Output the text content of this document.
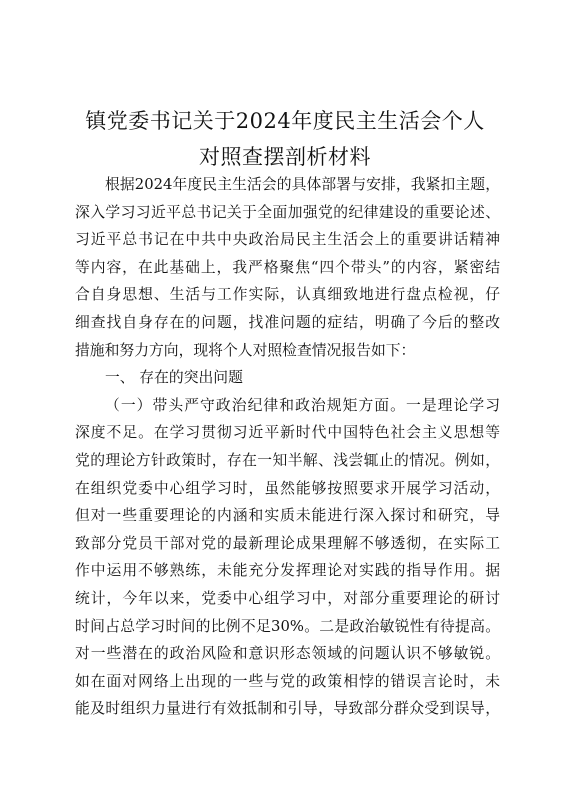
镇党委书记关于2024年度民主生活会个人
对照查摆剖析材料
根据2024年度民主生活会的具体部署与安排，我紧扣主题，
深入学习习近平总书记关于全面加强党的纪律建设的重要论述、
习近平总书记在中共中央政治局民主生活会上的重要讲话精神
等内容，在此基础上，我严格聚焦“四个带头”的内容，紧密结
合自身思想、生活与工作实际，认真细致地进行盘点检视，仔
细查找自身存在的问题，找准问题的症结，明确了今后的整改
措施和努力方向，现将个人对照检查情况报告如下：
一、 存在的突出问题
（一）带头严守政治纪律和政治规矩方面。一是理论学习
深度不足。在学习贯彻习近平新时代中国特色社会主义思想等
党的理论方针政策时，存在一知半解、浅尝辄止的情况。例如，
在组织党委中心组学习时，虽然能够按照要求开展学习活动，
但对一些重要理论的内涵和实质未能进行深入探讨和研究，导
致部分党员干部对党的最新理论成果理解不够透彻，在实际工
作中运用不够熟练，未能充分发挥理论对实践的指导作用。据
统计，今年以来，党委中心组学习中，对部分重要理论的研讨
时间占总学习时间的比例不足30%。二是政治敏锐性有待提高。
对一些潜在的政治风险和意识形态领域的问题认识不够敏锐。
如在面对网络上出现的一些与党的政策相悖的错误言论时，未
能及时组织力量进行有效抵制和引导，导致部分群众受到误导，
